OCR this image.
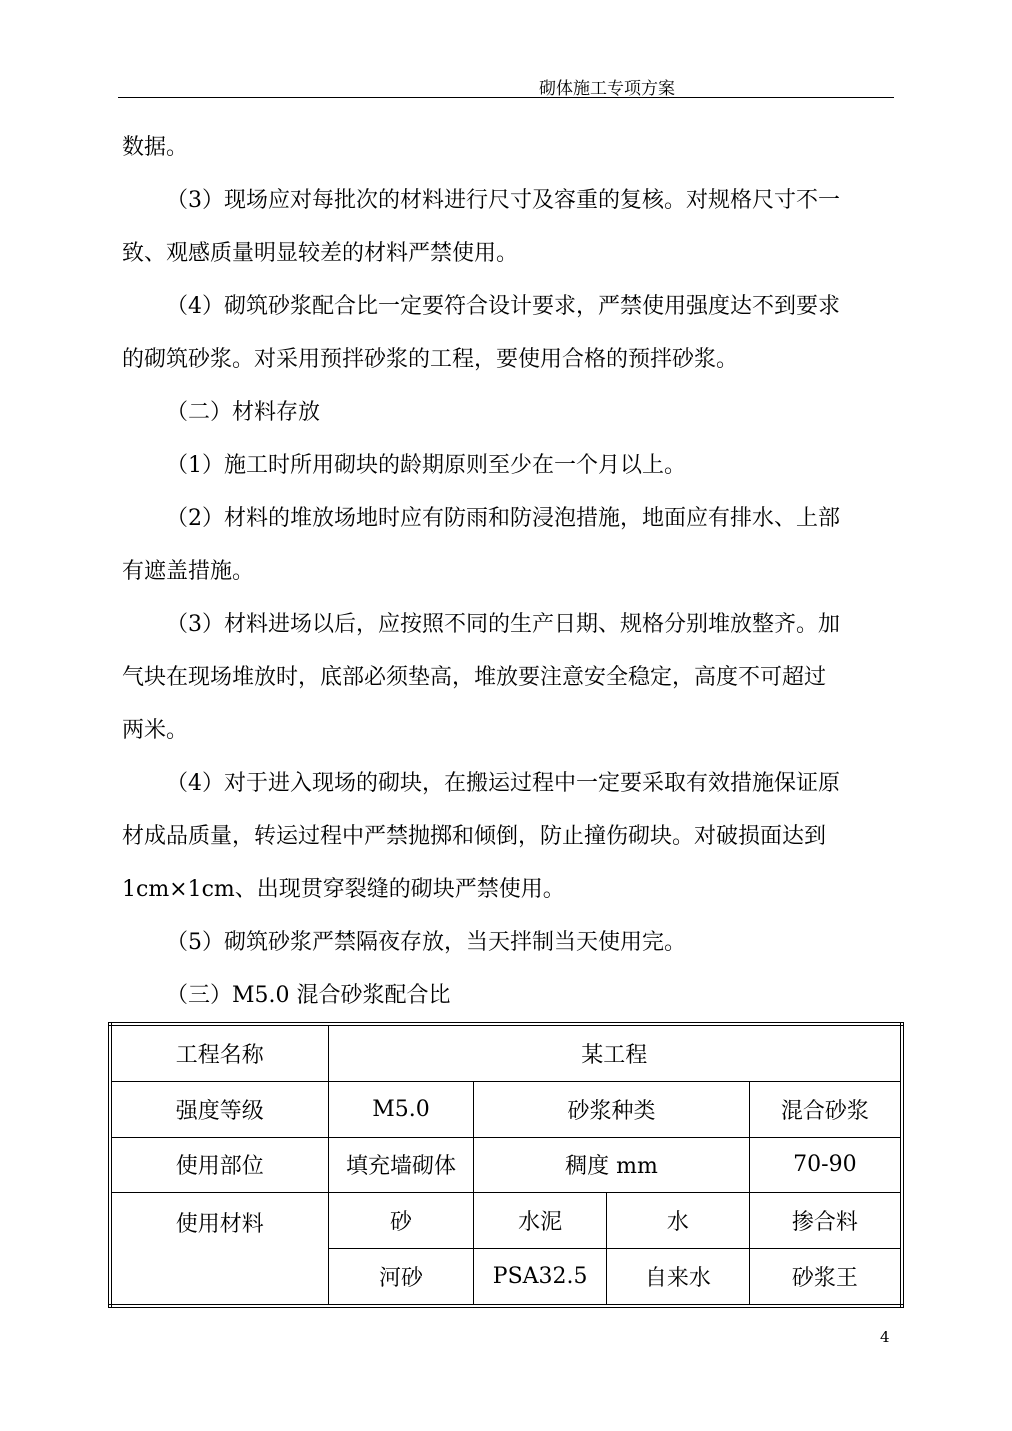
砌体施工专项方案
数据。
（3）现场应对每批次的材料进行尺寸及容重的复核。对规格尺寸不一
致、观感质量明显较差的材料严禁使用。
（4）砌筑砂浆配合比一定要符合设计要求，严禁使用强度达不到要求
的砌筑砂浆。对采用预拌砂浆的工程，要使用合格的预拌砂浆。
（二）材料存放
（1）施工时所用砌块的龄期原则至少在一个月以上。
（2）材料的堆放场地时应有防雨和防浸泡措施，地面应有排水、上部
有遮盖措施。
（3）材料进场以后，应按照不同的生产日期、规格分别堆放整齐。加
气块在现场堆放时，底部必须垫高，堆放要注意安全稳定，高度不可超过
两米。
（4）对于进入现场的砌块，在搬运过程中一定要采取有效措施保证原
材成品质量，转运过程中严禁抛掷和倾倒，防止撞伤砌块。对破损面达到
1cm×1cm、出现贯穿裂缝的砌块严禁使用。
（5）砌筑砂浆严禁隔夜存放，当天拌制当天使用完。
（三）M5.0 混合砂浆配合比
工程名称	某工程			
强度等级	M5.0	砂浆种类		混合砂浆
使用部位	填充墙砌体	稠度 mm		70-90
使用材料	砂	水泥	水	掺合料
	河砂	PSA32.5	自来水	砂浆王
4
